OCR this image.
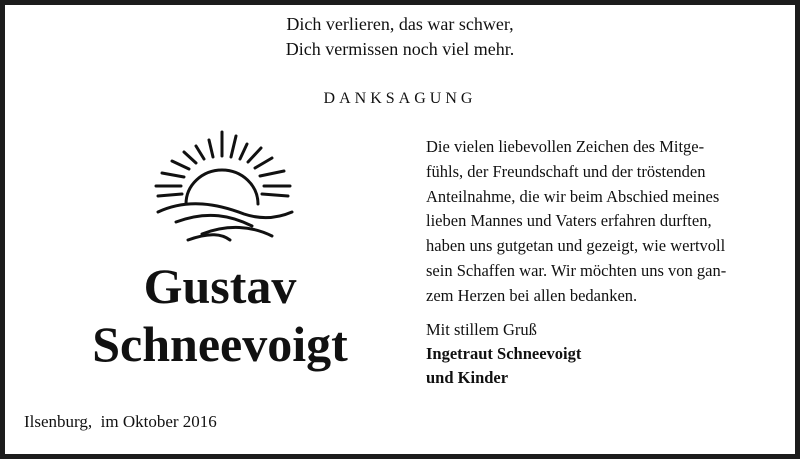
Dich verlieren, das war schwer,
Dich vermissen noch viel mehr.
DANKSAGUNG
Gustav
Schneevoigt
Die vielen liebevollen Zeichen des Mitge-
fühls, der Freundschaft und der tröstenden
Anteilnahme, die wir beim Abschied meines
lieben Mannes und Vaters erfahren durften,
haben uns gutgetan und gezeigt, wie wertvoll
sein Schaffen war. Wir möchten uns von gan-
zem Herzen bei allen bedanken.
Mit stillem Gruß
Ingetraut Schneevoigt
und Kinder
Ilsenburg,  im Oktober 2016
